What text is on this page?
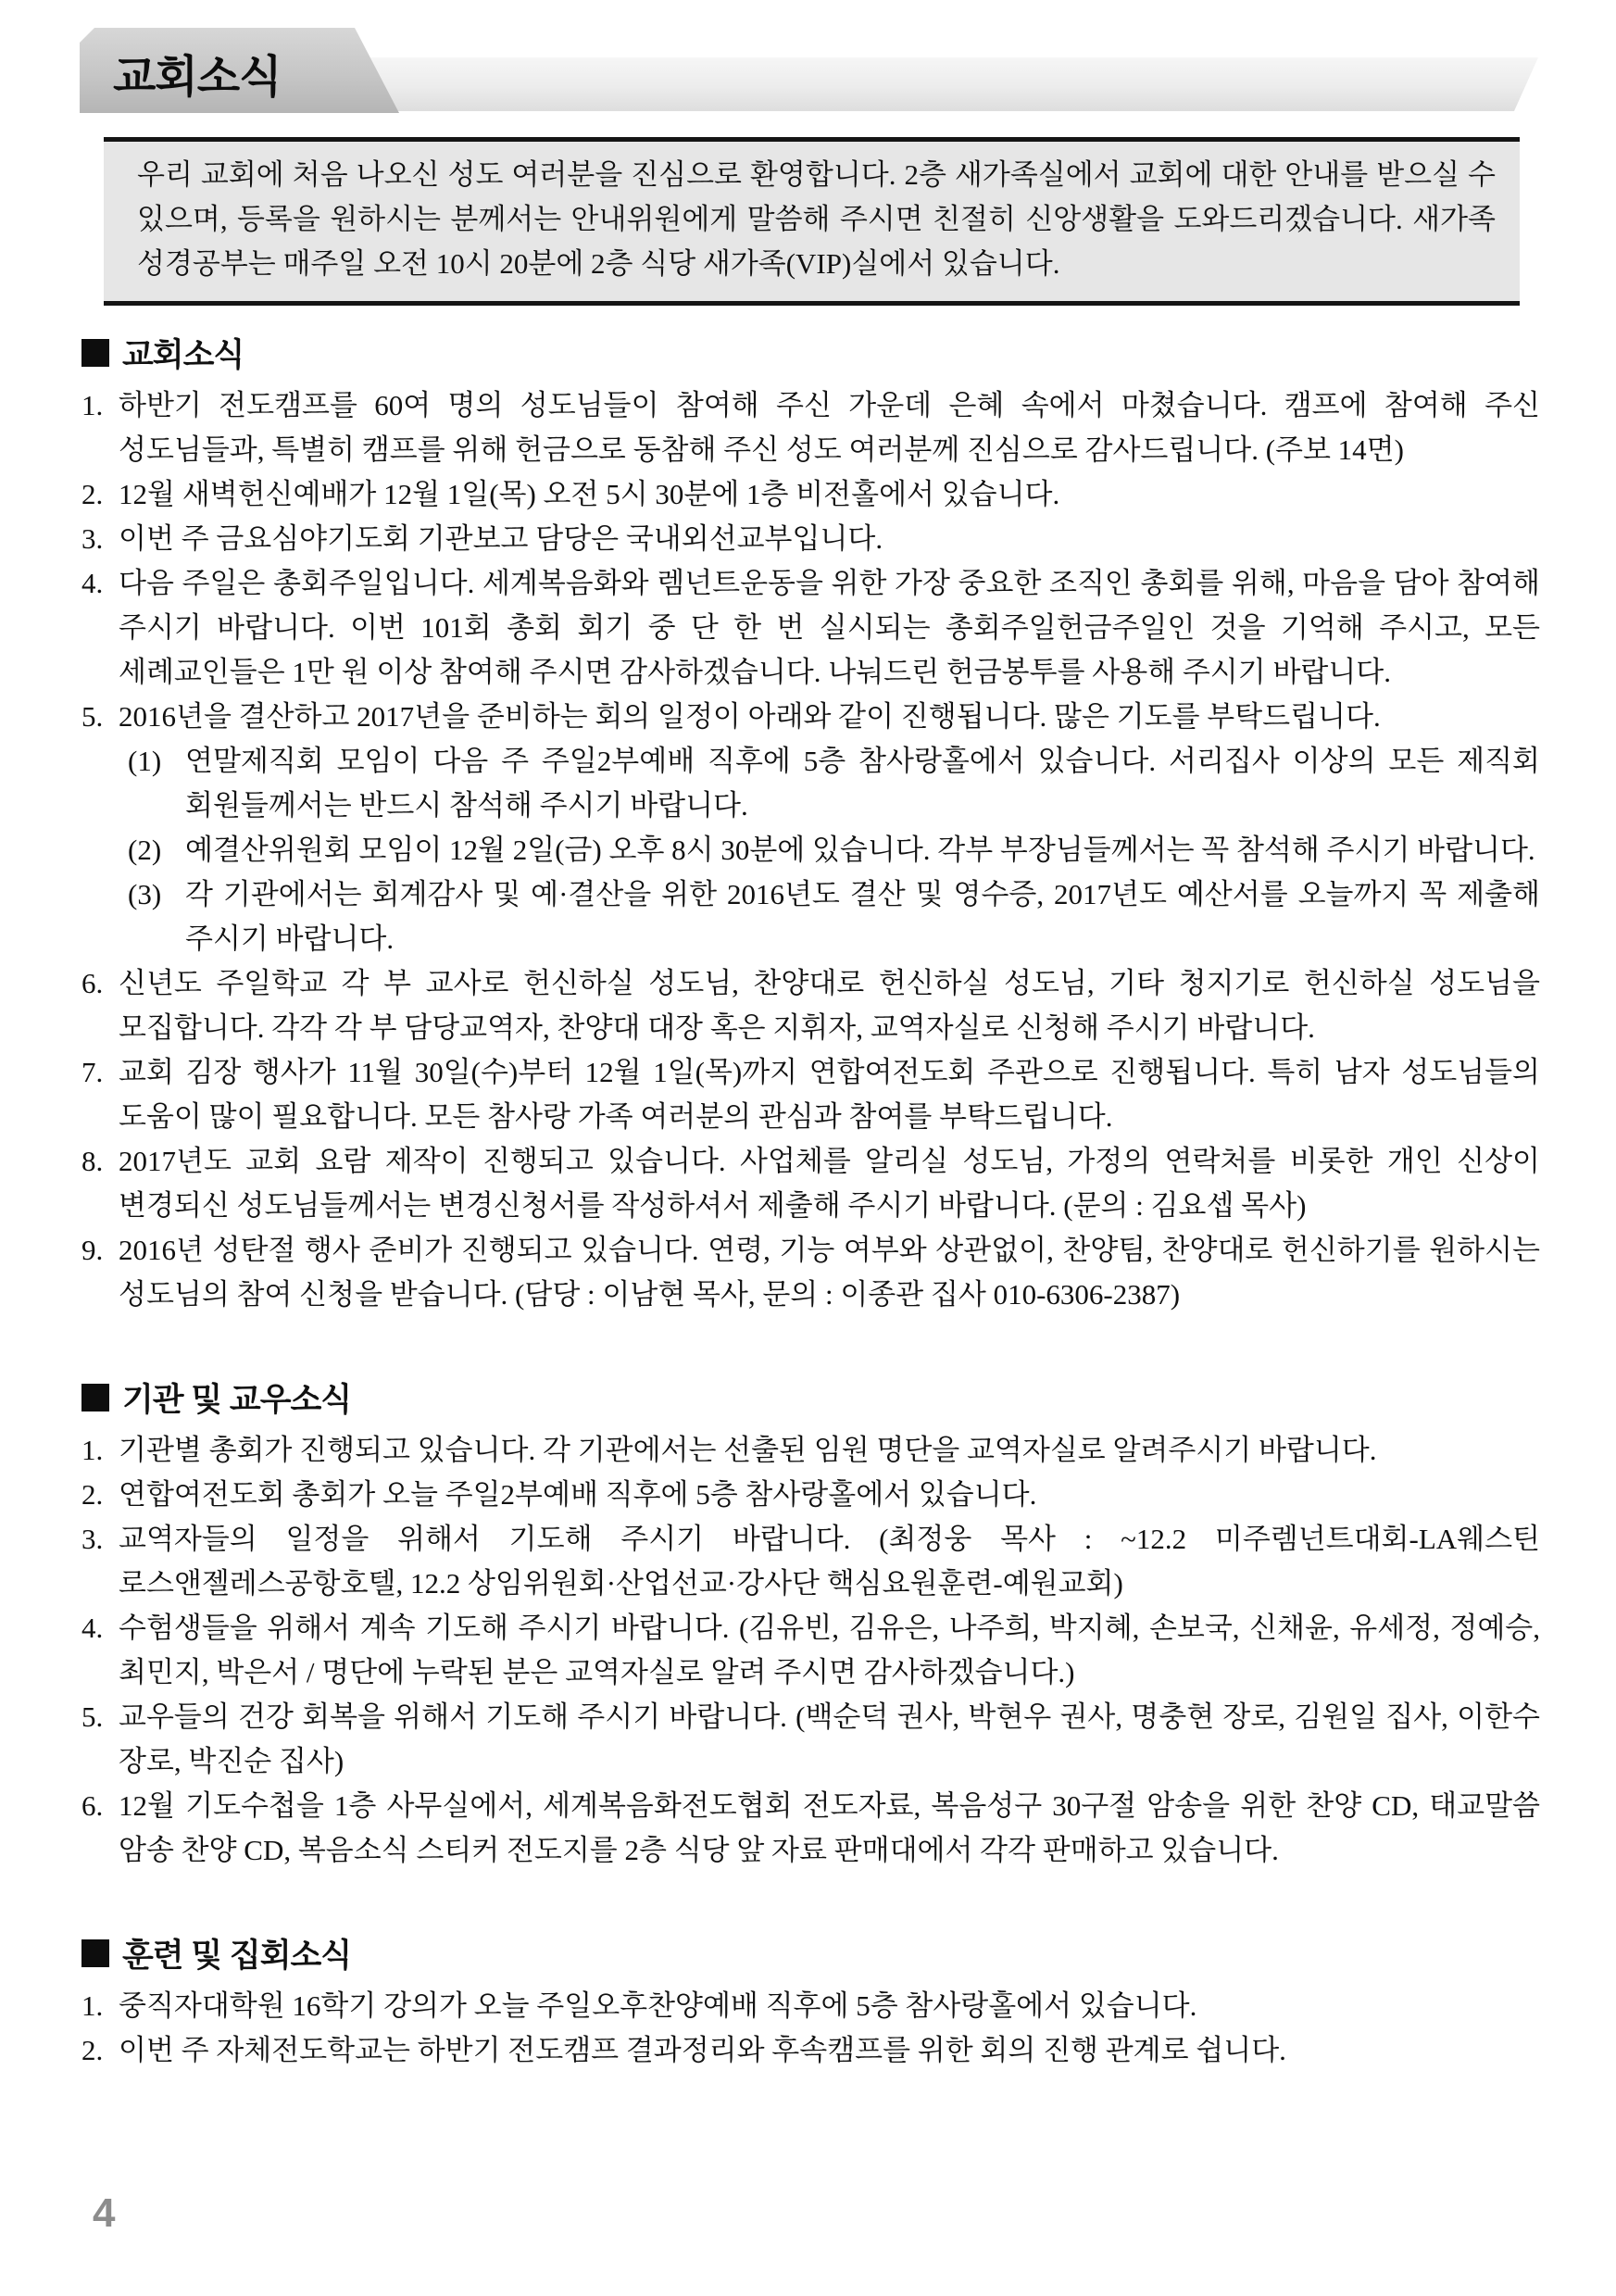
교회소식
우리 교회에 처음 나오신 성도 여러분을 진심으로 환영합니다. 2층 새가족실에서 교회에 대한 안내를 받으실 수 있으며, 등록을 원하시는 분께서는 안내위원에게 말씀해 주시면 친절히 신앙생활을 도와드리겠습니다. 새가족 성경공부는 매주일 오전 10시 20분에 2층 식당 새가족(VIP)실에서 있습니다.
교회소식
1. 하반기 전도캠프를 60여 명의 성도님들이 참여해 주신 가운데 은혜 속에서 마쳤습니다. 캠프에 참여해 주신 성도님들과, 특별히 캠프를 위해 헌금으로 동참해 주신 성도 여러분께 진심으로 감사드립니다. (주보 14면)
2. 12월 새벽헌신예배가 12월 1일(목) 오전 5시 30분에 1층 비전홀에서 있습니다.
3. 이번 주 금요심야기도회 기관보고 담당은 국내외선교부입니다.
4. 다음 주일은 총회주일입니다. 세계복음화와 렘넌트운동을 위한 가장 중요한 조직인 총회를 위해, 마음을 담아 참여해 주시기 바랍니다. 이번 101회 총회 회기 중 단 한 번 실시되는 총회주일헌금주일인 것을 기억해 주시고, 모든 세례교인들은 1만 원 이상 참여해 주시면 감사하겠습니다. 나눠드린 헌금봉투를 사용해 주시기 바랍니다.
5. 2016년을 결산하고 2017년을 준비하는 회의 일정이 아래와 같이 진행됩니다. 많은 기도를 부탁드립니다.
(1) 연말제직회 모임이 다음 주 주일2부예배 직후에 5층 참사랑홀에서 있습니다. 서리집사 이상의 모든 제직회 회원들께서는 반드시 참석해 주시기 바랍니다.
(2) 예결산위원회 모임이 12월 2일(금) 오후 8시 30분에 있습니다. 각부 부장님들께서는 꼭 참석해 주시기 바랍니다.
(3) 각 기관에서는 회계감사 및 예·결산을 위한 2016년도 결산 및 영수증, 2017년도 예산서를 오늘까지 꼭 제출해 주시기 바랍니다.
6. 신년도 주일학교 각 부 교사로 헌신하실 성도님, 찬양대로 헌신하실 성도님, 기타 청지기로 헌신하실 성도님을 모집합니다. 각각 각 부 담당교역자, 찬양대 대장 혹은 지휘자, 교역자실로 신청해 주시기 바랍니다.
7. 교회 김장 행사가 11월 30일(수)부터 12월 1일(목)까지 연합여전도회 주관으로 진행됩니다. 특히 남자 성도님들의 도움이 많이 필요합니다. 모든 참사랑 가족 여러분의 관심과 참여를 부탁드립니다.
8. 2017년도 교회 요람 제작이 진행되고 있습니다. 사업체를 알리실 성도님, 가정의 연락처를 비롯한 개인 신상이 변경되신 성도님들께서는 변경신청서를 작성하셔서 제출해 주시기 바랍니다. (문의 : 김요셉 목사)
9. 2016년 성탄절 행사 준비가 진행되고 있습니다. 연령, 기능 여부와 상관없이, 찬양팀, 찬양대로 헌신하기를 원하시는 성도님의 참여 신청을 받습니다. (담당 : 이남현 목사, 문의 : 이종관 집사 010-6306-2387)
기관 및 교우소식
1. 기관별 총회가 진행되고 있습니다. 각 기관에서는 선출된 임원 명단을 교역자실로 알려주시기 바랍니다.
2. 연합여전도회 총회가 오늘 주일2부예배 직후에 5층 참사랑홀에서 있습니다.
3. 교역자들의 일정을 위해서 기도해 주시기 바랍니다. (최정웅 목사 : ~12.2 미주렘넌트대회-LA웨스틴 로스앤젤레스공항호텔, 12.2 상임위원회·산업선교·강사단 핵심요원훈련-예원교회)
4. 수험생들을 위해서 계속 기도해 주시기 바랍니다. (김유빈, 김유은, 나주희, 박지혜, 손보국, 신채윤, 유세정, 정예승, 최민지, 박은서 / 명단에 누락된 분은 교역자실로 알려 주시면 감사하겠습니다.)
5. 교우들의 건강 회복을 위해서 기도해 주시기 바랍니다. (백순덕 권사, 박현우 권사, 명충현 장로, 김원일 집사, 이한수 장로, 박진순 집사)
6. 12월 기도수첩을 1층 사무실에서, 세계복음화전도협회 전도자료, 복음성구 30구절 암송을 위한 찬양 CD, 태교말씀 암송 찬양 CD, 복음소식 스티커 전도지를 2층 식당 앞 자료 판매대에서 각각 판매하고 있습니다.
훈련 및 집회소식
1. 중직자대학원 16학기 강의가 오늘 주일오후찬양예배 직후에 5층 참사랑홀에서 있습니다.
2. 이번 주 자체전도학교는 하반기 전도캠프 결과정리와 후속캠프를 위한 회의 진행 관계로 쉽니다.
4
